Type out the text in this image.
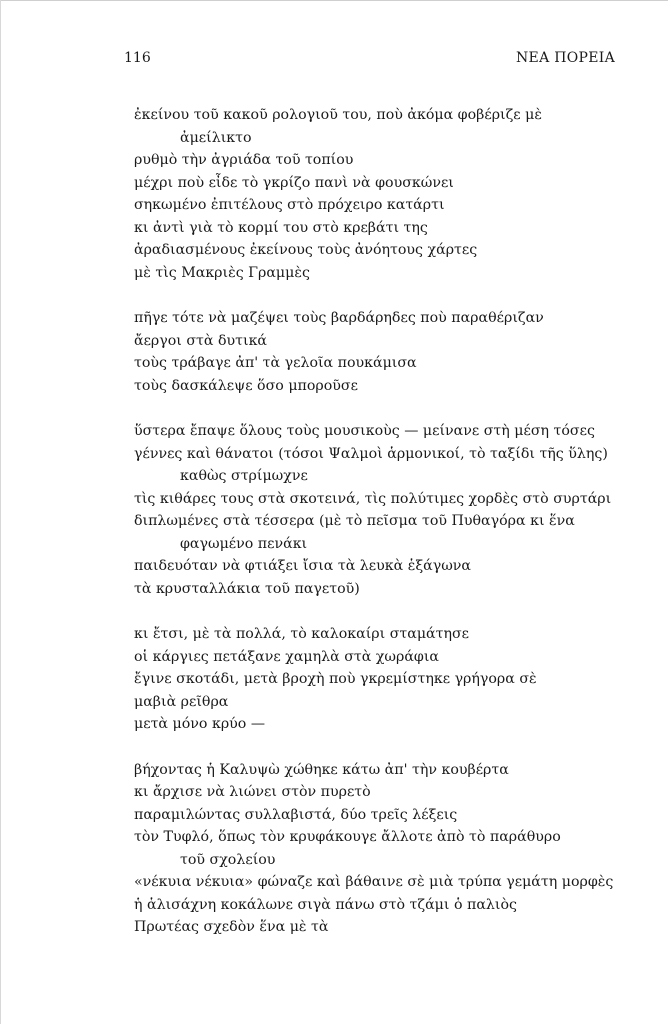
116	ΝΕΑ ΠΟΡΕΙΑ
ἐκείνου τοῦ κακοῦ ρολογιοῦ του, ποὺ ἀκόμα φοβέριζε μὲ
ἀμείλικτο
ρυθμὸ τὴν ἀγριάδα τοῦ τοπίου
μέχρι ποὺ εἶδε τὸ γκρίζο πανὶ νὰ φουσκώνει
σηκωμένο ἐπιτέλους στὸ πρόχειρο κατάρτι
κι ἀντὶ γιὰ τὸ κορμί του στὸ κρεβάτι της
ἀραδιασμένους ἐκείνους τοὺς ἀνόητους χάρτες
μὲ τὶς Μακριὲς Γραμμὲς
πῆγε τότε νὰ μαζέψει τοὺς βαρδάρηδες ποὺ παραθέριζαν
ἄεργοι στὰ δυτικά
τοὺς τράβαγε ἀπ' τὰ γελοῖα πουκάμισα
τοὺς δασκάλεψε ὅσο μποροῦσε
ὕστερα ἔπαψε ὅλους τοὺς μουσικοὺς — μείνανε στὴ μέση τόσες
γέννες καὶ θάνατοι (τόσοι Ψαλμοὶ ἁρμονικοί, τὸ ταξίδι τῆς ὕλης)
καθὼς στρίμωχνε
τὶς κιθάρες τους στὰ σκοτεινά, τὶς πολύτιμες χορδὲς στὸ συρτάρι
διπλωμένες στὰ τέσσερα (μὲ τὸ πεῖσμα τοῦ Πυθαγόρα κι ἕνα
φαγωμένο πενάκι
παιδευόταν νὰ φτιάξει ἴσια τὰ λευκὰ ἑξάγωνα
τὰ κρυσταλλάκια τοῦ παγετοῦ)
κι ἔτσι, μὲ τὰ πολλά, τὸ καλοκαίρι σταμάτησε
οἱ κάργιες πετάξανε χαμηλὰ στὰ χωράφια
ἔγινε σκοτάδι, μετὰ βροχὴ ποὺ γκρεμίστηκε γρήγορα σὲ
μαβιὰ ρεῖθρα
μετὰ μόνο κρύο —
βήχοντας ἡ Καλυψὼ χώθηκε κάτω ἀπ' τὴν κουβέρτα
κι ἄρχισε νὰ λιώνει στὸν πυρετὸ
παραμιλώντας συλλαβιστά, δύο τρεῖς λέξεις
τὸν Τυφλό, ὅπως τὸν κρυφάκουγε ἄλλοτε ἀπὸ τὸ παράθυρο
τοῦ σχολείου
«νέκυια νέκυια» φώναζε καὶ βάθαινε σὲ μιὰ τρύπα γεμάτη μορφὲς
ἡ ἁλισάχνη κοκάλωνε σιγὰ πάνω στὸ τζάμι ὁ παλιὸς
Πρωτέας σχεδὸν ἕνα μὲ τὰ
